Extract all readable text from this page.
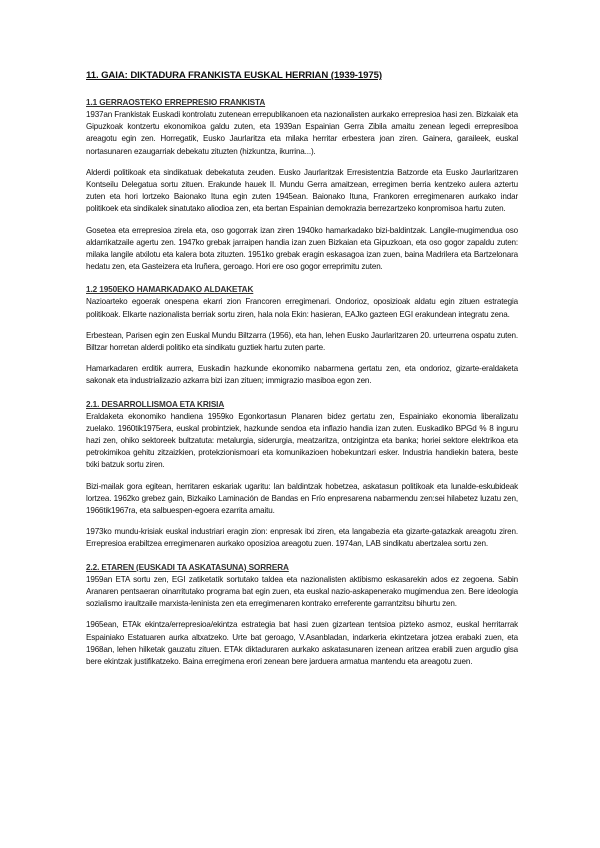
11. GAIA: DIKTADURA FRANKISTA EUSKAL HERRIAN (1939-1975)
1.1 GERRAOSTEKO ERREPRESIO FRANKISTA

1937an Frankistak Euskadi kontrolatu zutenean errepublikanoen eta nazionalisten aurkako errepresioa hasi zen. Bizkaiak eta Gipuzkoak kontzertu ekonomikoa galdu zuten, eta 1939an Espainian Gerra Zibila amaitu zenean legedi errepresiboa areagotu egin zen. Horregatik, Eusko Jaurlaritza eta milaka herritar erbestera joan ziren. Gainera, garaileek, euskal nortasunaren ezaugarriak debekatu zituzten (hizkuntza, ikurrina...).

Alderdi politikoak eta sindikatuak debekatuta zeuden. Eusko Jaurlaritzak Erresistentzia Batzorde eta Eusko Jaurlaritzaren Kontseilu Delegatua sortu zituen. Erakunde hauek II. Mundu Gerra amaitzean, erregimen berria kentzeko aulera aztertu zuten eta hori lortzeko Baionako Ituna egin zuten 1945ean. Baionako Ituna, Frankoren erregimenaren aurkako indar politikoek eta sindikalek sinatutako aliodioa zen, eta bertan Espainian demokrazia berrezartzeko konpromisoa hartu zuten.

Gosetea eta errepresioa zirela eta, oso gogorrak izan ziren 1940ko hamarkadako bizi-baldintzak. Langile-mugimendua oso aldarrikatzaile agertu zen. 1947ko grebak jarraipen handia izan zuen Bizkaian eta Gipuzkoan, eta oso gogor zapaldu zuten: milaka langile atxilotu eta kalera bota zituzten. 1951ko grebak eragin eskasagoa izan zuen, baina Madrilera eta Bartzelonara hedatu zen, eta Gasteizera eta Iruñera, geroago. Hori ere oso gogor erreprimitu zuten.

1.2 1950EKO HAMARKADAKO ALDAKETAK

Nazioarteko egoerak onespena ekarri zion Francoren erregimenari. Ondorioz, oposizioak aldatu egin zituen estrategia politikoak. Elkarte nazionalista berriak sortu ziren, hala nola Ekin: hasieran, EAJko gazteen EGI erakundean integratu zena.

Erbestean, Parisen egin zen Euskal Mundu Biltzarra (1956), eta han, lehen Eusko Jaurlaritzaren 20. urteurrena ospatu zuten. Biltzar horretan alderdi politiko eta sindikatu guztiek hartu zuten parte.

Hamarkadaren erditik aurrera, Euskadin hazkunde ekonomiko nabarmena gertatu zen, eta ondorioz, gizarte-eraldaketa sakonak eta industrializazio azkarra bizi izan zituen; immigrazio masiboa egon zen.

2.1. DESARROLLISMOA ETA KRISIA

Eraldaketa ekonomiko handiena 1959ko Egonkortasun Planaren bidez gertatu zen, Espainiako ekonomia liberalizatu zuelako. 1960tik1975era, euskal probintziek, hazkunde sendoa eta inflazio handia izan zuten. Euskadiko BPGd % 8 inguru hazi zen, ohiko sektoreek bultzatuta: metalurgia, siderurgia, meatzaritza, ontzigintza eta banka; horiei sektore elektrikoa eta petrokimikoa gehitu zitzaizkien, protekzionismoari eta komunikazioen hobekuntzari esker. Industria handiekin batera, beste txiki batzuk sortu ziren.

Bizi-mailak gora egitean, herritaren eskariak ugaritu: lan baldintzak hobetzea, askatasun politikoak eta lunalde-eskubideak lortzea. 1962ko grebez gain, Bizkaiko Laminación de Bandas en Frío enpresarena nabarmendu zen:sei hilabetez luzatu zen, 1966tik1967ra, eta salbuespen-egoera ezarrita amaitu.

1973ko mundu-krisiak euskal industriari eragin zion: enpresak itxi ziren, eta langabezia eta gizarte-gatazkak areagotu ziren. Errepresioa erabiltzea erregimenaren aurkako oposizioa areagotu zuen. 1974an, LAB sindikatu abertzalea sortu zen.

2.2. ETAREN (EUSKADI TA ASKATASUNA) SORRERA

1959an ETA sortu zen, EGI zatiketatik sortutako taldea eta nazionalisten aktibismo eskasarekin ados ez zegoena. Sabin Aranaren pentsaeran oinarritutako programa bat egin zuen, eta euskal nazio-askapenerako mugimendua zen. Bere ideologia sozialismo iraultzaile marxista-leninista zen eta erregimenaren kontrako erreferente garrantzitsu bihurtu zen.

1965ean, ETAk ekintza/errepresioa/ekintza estrategia bat hasi zuen gizartean tentsioa pizteko asmoz, euskal herritarrak Espainiako Estatuaren aurka altxatzeko. Urte bat geroago, V.Asanbladan, indarkeria ekintzetara jotzea erabaki zuen, eta 1968an, lehen hilketak gauzatu zituen. ETAk diktaduraren aurkako askatasunaren izenean aritzea erabili zuen argudio gisa bere ekintzak justifikatzeko. Baina erregimena erori zenean bere jarduera armatua mantendu eta areagotu zuen.
